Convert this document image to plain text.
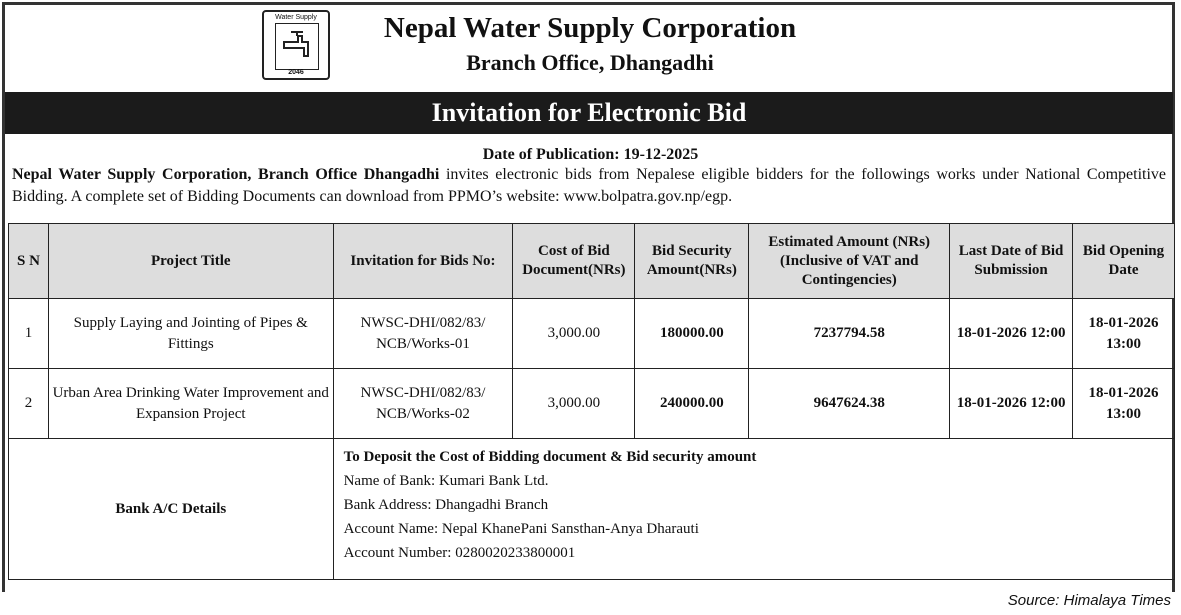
Water Supply
2046
Nepal Water Supply Corporation
Branch Office, Dhangadhi
Invitation for Electronic Bid
Date of Publication: 19-12-2025
Nepal Water Supply Corporation, Branch Office Dhangadhi invites electronic bids from Nepalese eligible bidders for the followings works under National Competitive Bidding. A complete set of Bidding Documents can download from PPMO’s website: www.bolpatra.gov.np/egp.
S N	Project Title	Invitation for Bids No:	Cost of Bid Document(NRs)	Bid Security Amount(NRs)	Estimated Amount (NRs) (Inclusive of VAT and Contingencies)	Last Date of Bid Submission	Bid Opening Date
1	Supply Laying and Jointing of Pipes & Fittings	NWSC-DHI/082/83/ NCB/Works-01	3,000.00	180000.00	7237794.58	18-01-2026 12:00	18-01-2026 13:00
2	Urban Area Drinking Water Improvement and Expansion Project	NWSC-DHI/082/83/ NCB/Works-02	3,000.00	240000.00	9647624.38	18-01-2026 12:00	18-01-2026 13:00
Bank A/C Details		To Deposit the Cost of Bidding document & Bid security amount
Name of Bank: Kumari Bank Ltd.
Bank Address: Dhangadhi Branch
Account Name: Nepal KhanePani Sansthan-Anya Dharauti
Account Number: 0280020233800001					
Source: Himalaya Times
